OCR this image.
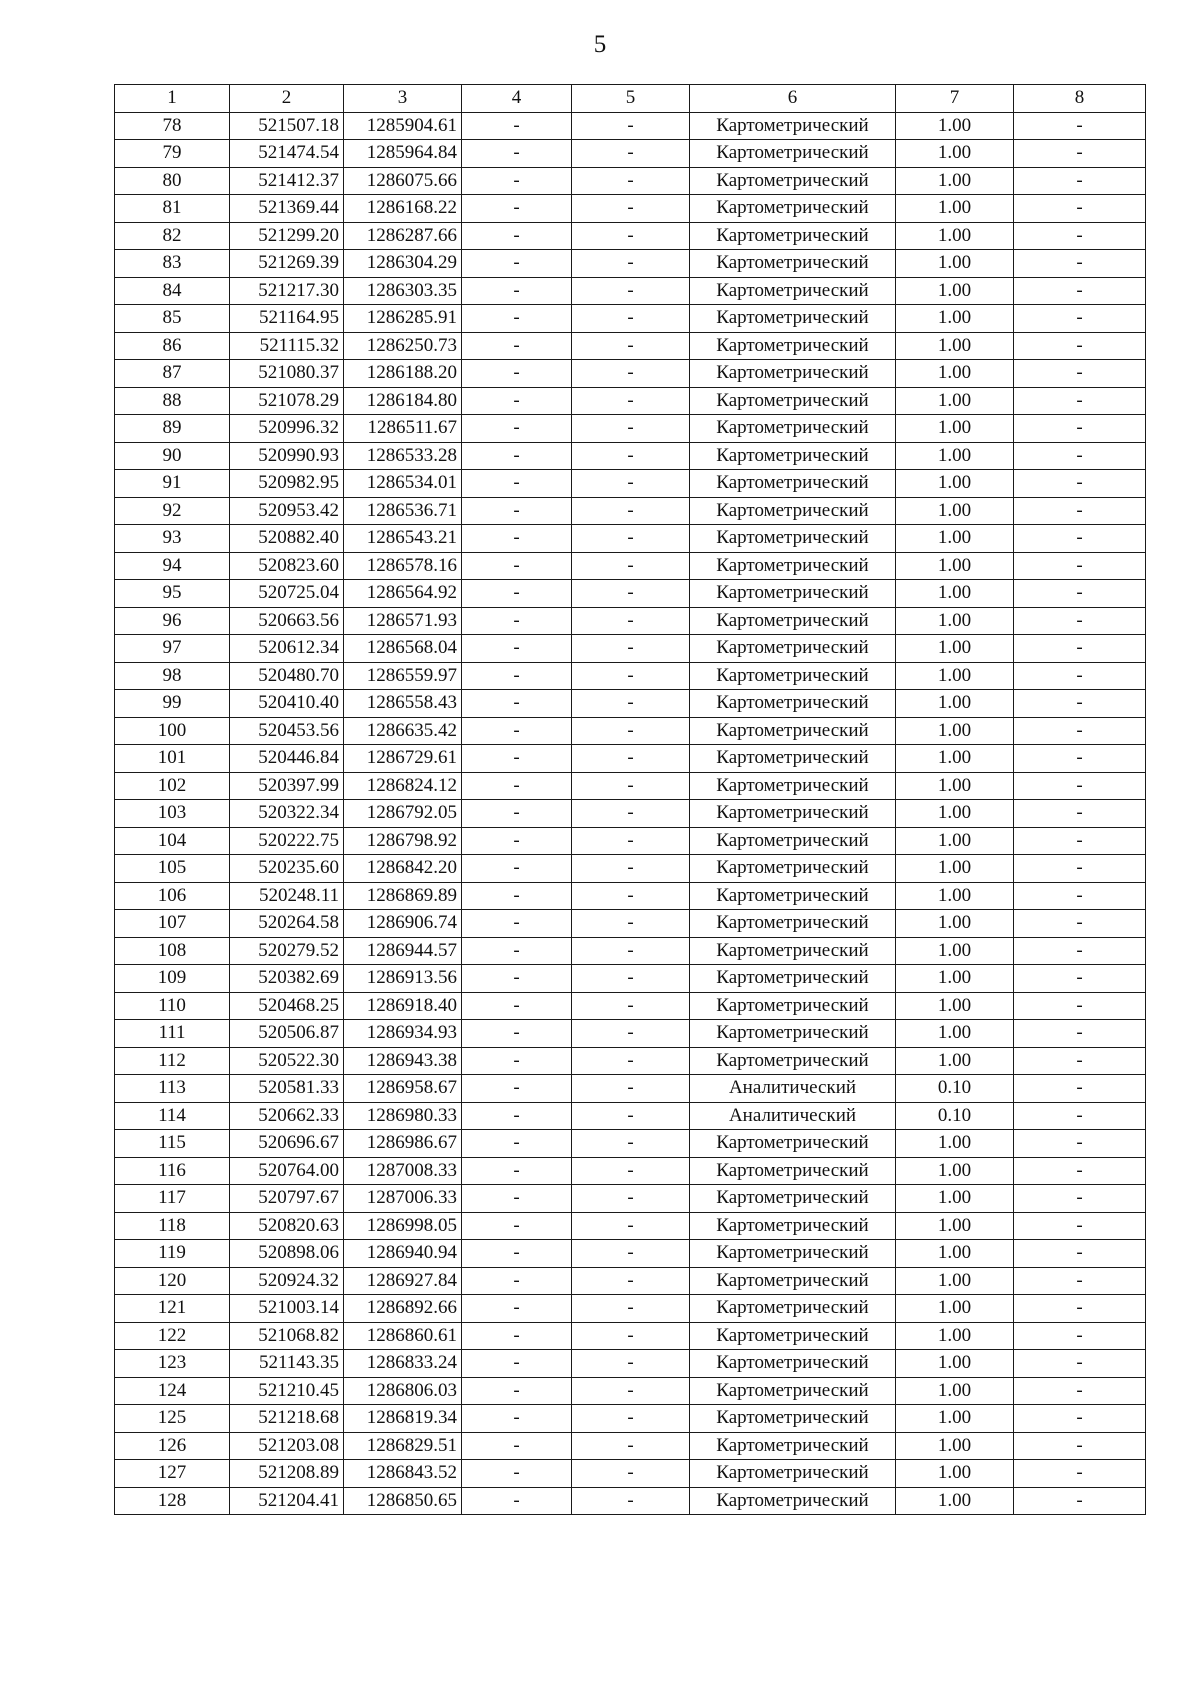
5
1	2	3	4	5	6	7	8
78	521507.18	1285904.61	-	-	Картометрический	1.00	-
79	521474.54	1285964.84	-	-	Картометрический	1.00	-
80	521412.37	1286075.66	-	-	Картометрический	1.00	-
81	521369.44	1286168.22	-	-	Картометрический	1.00	-
82	521299.20	1286287.66	-	-	Картометрический	1.00	-
83	521269.39	1286304.29	-	-	Картометрический	1.00	-
84	521217.30	1286303.35	-	-	Картометрический	1.00	-
85	521164.95	1286285.91	-	-	Картометрический	1.00	-
86	521115.32	1286250.73	-	-	Картометрический	1.00	-
87	521080.37	1286188.20	-	-	Картометрический	1.00	-
88	521078.29	1286184.80	-	-	Картометрический	1.00	-
89	520996.32	1286511.67	-	-	Картометрический	1.00	-
90	520990.93	1286533.28	-	-	Картометрический	1.00	-
91	520982.95	1286534.01	-	-	Картометрический	1.00	-
92	520953.42	1286536.71	-	-	Картометрический	1.00	-
93	520882.40	1286543.21	-	-	Картометрический	1.00	-
94	520823.60	1286578.16	-	-	Картометрический	1.00	-
95	520725.04	1286564.92	-	-	Картометрический	1.00	-
96	520663.56	1286571.93	-	-	Картометрический	1.00	-
97	520612.34	1286568.04	-	-	Картометрический	1.00	-
98	520480.70	1286559.97	-	-	Картометрический	1.00	-
99	520410.40	1286558.43	-	-	Картометрический	1.00	-
100	520453.56	1286635.42	-	-	Картометрический	1.00	-
101	520446.84	1286729.61	-	-	Картометрический	1.00	-
102	520397.99	1286824.12	-	-	Картометрический	1.00	-
103	520322.34	1286792.05	-	-	Картометрический	1.00	-
104	520222.75	1286798.92	-	-	Картометрический	1.00	-
105	520235.60	1286842.20	-	-	Картометрический	1.00	-
106	520248.11	1286869.89	-	-	Картометрический	1.00	-
107	520264.58	1286906.74	-	-	Картометрический	1.00	-
108	520279.52	1286944.57	-	-	Картометрический	1.00	-
109	520382.69	1286913.56	-	-	Картометрический	1.00	-
110	520468.25	1286918.40	-	-	Картометрический	1.00	-
111	520506.87	1286934.93	-	-	Картометрический	1.00	-
112	520522.30	1286943.38	-	-	Картометрический	1.00	-
113	520581.33	1286958.67	-	-	Аналитический	0.10	-
114	520662.33	1286980.33	-	-	Аналитический	0.10	-
115	520696.67	1286986.67	-	-	Картометрический	1.00	-
116	520764.00	1287008.33	-	-	Картометрический	1.00	-
117	520797.67	1287006.33	-	-	Картометрический	1.00	-
118	520820.63	1286998.05	-	-	Картометрический	1.00	-
119	520898.06	1286940.94	-	-	Картометрический	1.00	-
120	520924.32	1286927.84	-	-	Картометрический	1.00	-
121	521003.14	1286892.66	-	-	Картометрический	1.00	-
122	521068.82	1286860.61	-	-	Картометрический	1.00	-
123	521143.35	1286833.24	-	-	Картометрический	1.00	-
124	521210.45	1286806.03	-	-	Картометрический	1.00	-
125	521218.68	1286819.34	-	-	Картометрический	1.00	-
126	521203.08	1286829.51	-	-	Картометрический	1.00	-
127	521208.89	1286843.52	-	-	Картометрический	1.00	-
128	521204.41	1286850.65	-	-	Картометрический	1.00	-
